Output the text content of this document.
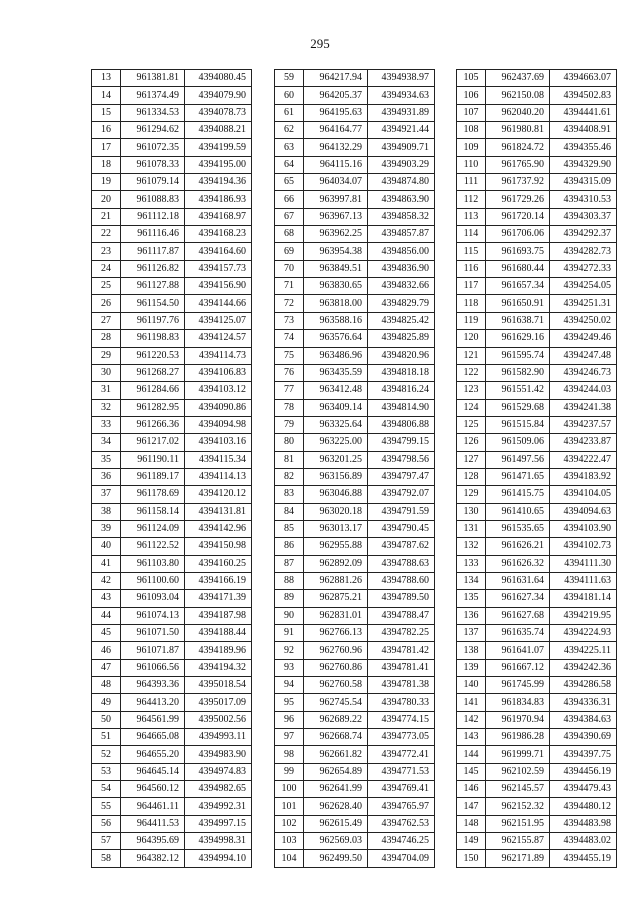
295
13	961381.81	4394080.45
14	961374.49	4394079.90
15	961334.53	4394078.73
16	961294.62	4394088.21
17	961072.35	4394199.59
18	961078.33	4394195.00
19	961079.14	4394194.36
20	961088.83	4394186.93
21	961112.18	4394168.97
22	961116.46	4394168.23
23	961117.87	4394164.60
24	961126.82	4394157.73
25	961127.88	4394156.90
26	961154.50	4394144.66
27	961197.76	4394125.07
28	961198.83	4394124.57
29	961220.53	4394114.73
30	961268.27	4394106.83
31	961284.66	4394103.12
32	961282.95	4394090.86
33	961266.36	4394094.98
34	961217.02	4394103.16
35	961190.11	4394115.34
36	961189.17	4394114.13
37	961178.69	4394120.12
38	961158.14	4394131.81
39	961124.09	4394142.96
40	961122.52	4394150.98
41	961103.80	4394160.25
42	961100.60	4394166.19
43	961093.04	4394171.39
44	961074.13	4394187.98
45	961071.50	4394188.44
46	961071.87	4394189.96
47	961066.56	4394194.32
48	964393.36	4395018.54
49	964413.20	4395017.09
50	964561.99	4395002.56
51	964665.08	4394993.11
52	964655.20	4394983.90
53	964645.14	4394974.83
54	964560.12	4394982.65
55	964461.11	4394992.31
56	964411.53	4394997.15
57	964395.69	4394998.31
58	964382.12	4394994.10
59	964217.94	4394938.97
60	964205.37	4394934.63
61	964195.63	4394931.89
62	964164.77	4394921.44
63	964132.29	4394909.71
64	964115.16	4394903.29
65	964034.07	4394874.80
66	963997.81	4394863.90
67	963967.13	4394858.32
68	963962.25	4394857.87
69	963954.38	4394856.00
70	963849.51	4394836.90
71	963830.65	4394832.66
72	963818.00	4394829.79
73	963588.16	4394825.42
74	963576.64	4394825.89
75	963486.96	4394820.96
76	963435.59	4394818.18
77	963412.48	4394816.24
78	963409.14	4394814.90
79	963325.64	4394806.88
80	963225.00	4394799.15
81	963201.25	4394798.56
82	963156.89	4394797.47
83	963046.88	4394792.07
84	963020.18	4394791.59
85	963013.17	4394790.45
86	962955.88	4394787.62
87	962892.09	4394788.63
88	962881.26	4394788.60
89	962875.21	4394789.50
90	962831.01	4394788.47
91	962766.13	4394782.25
92	962760.96	4394781.42
93	962760.86	4394781.41
94	962760.58	4394781.38
95	962745.54	4394780.33
96	962689.22	4394774.15
97	962668.74	4394773.05
98	962661.82	4394772.41
99	962654.89	4394771.53
100	962641.99	4394769.41
101	962628.40	4394765.97
102	962615.49	4394762.53
103	962569.03	4394746.25
104	962499.50	4394704.09
105	962437.69	4394663.07
106	962150.08	4394502.83
107	962040.20	4394441.61
108	961980.81	4394408.91
109	961824.72	4394355.46
110	961765.90	4394329.90
111	961737.92	4394315.09
112	961729.26	4394310.53
113	961720.14	4394303.37
114	961706.06	4394292.37
115	961693.75	4394282.73
116	961680.44	4394272.33
117	961657.34	4394254.05
118	961650.91	4394251.31
119	961638.71	4394250.02
120	961629.16	4394249.46
121	961595.74	4394247.48
122	961582.90	4394246.73
123	961551.42	4394244.03
124	961529.68	4394241.38
125	961515.84	4394237.57
126	961509.06	4394233.87
127	961497.56	4394222.47
128	961471.65	4394183.92
129	961415.75	4394104.05
130	961410.65	4394094.63
131	961535.65	4394103.90
132	961626.21	4394102.73
133	961626.32	4394111.30
134	961631.64	4394111.63
135	961627.34	4394181.14
136	961627.68	4394219.95
137	961635.74	4394224.93
138	961641.07	4394225.11
139	961667.12	4394242.36
140	961745.99	4394286.58
141	961834.83	4394336.31
142	961970.94	4394384.63
143	961986.28	4394390.69
144	961999.71	4394397.75
145	962102.59	4394456.19
146	962145.57	4394479.43
147	962152.32	4394480.12
148	962151.95	4394483.98
149	962155.87	4394483.02
150	962171.89	4394455.19
